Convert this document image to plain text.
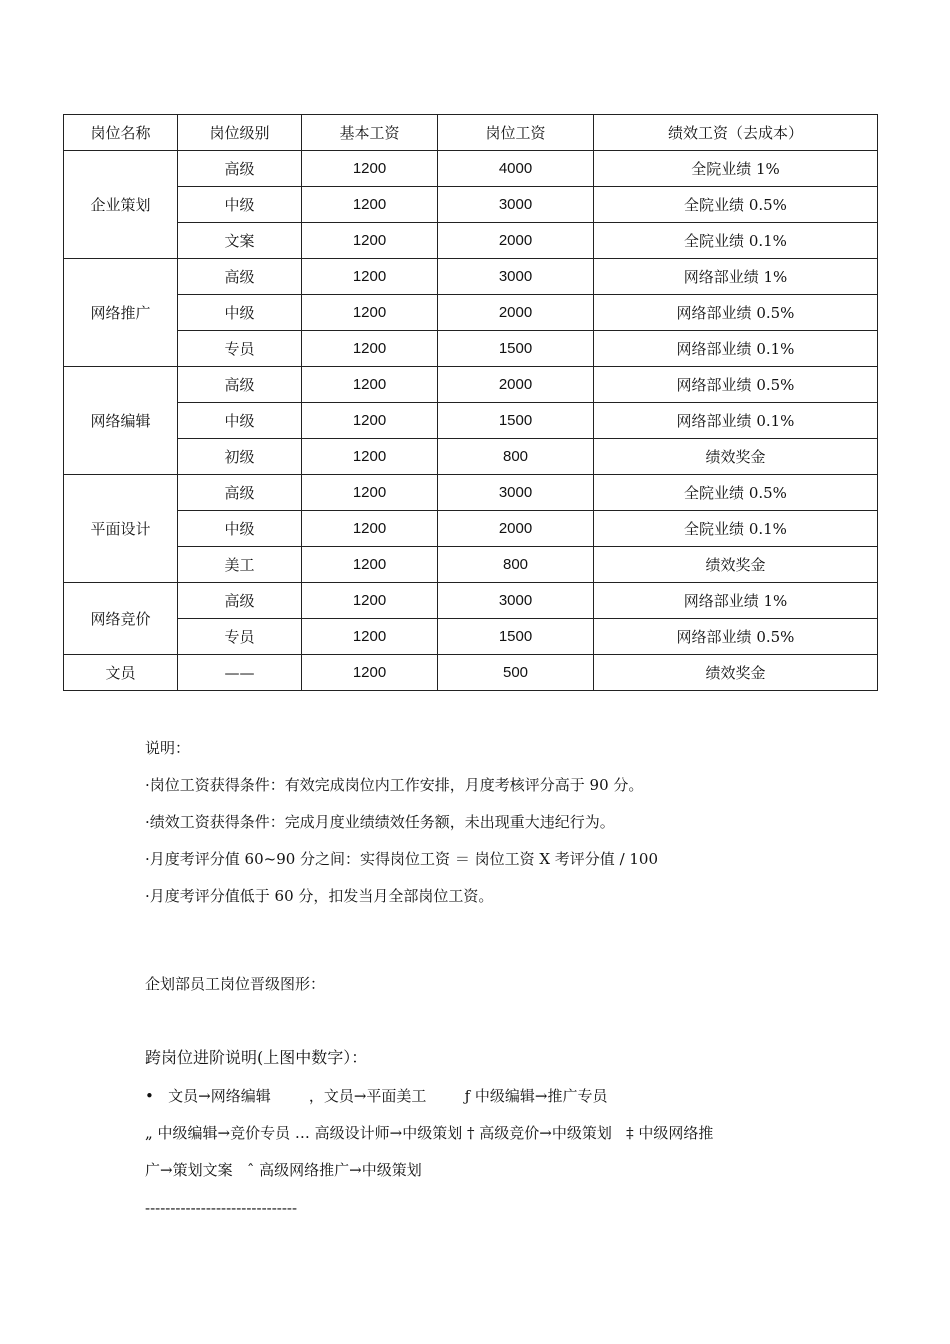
岗位名称	岗位级别	基本工资	岗位工资	绩效工资（去成本）
企业策划	高级	1200	4000	全院业绩 1%
	中级	1200	3000	全院业绩 0.5%
	文案	1200	2000	全院业绩 0.1%
网络推广	高级	1200	3000	网络部业绩 1%
	中级	1200	2000	网络部业绩 0.5%
	专员	1200	1500	网络部业绩 0.1%
网络编辑	高级	1200	2000	网络部业绩 0.5%
	中级	1200	1500	网络部业绩 0.1%
	初级	1200	800	绩效奖金
平面设计	高级	1200	3000	全院业绩 0.5%
	中级	1200	2000	全院业绩 0.1%
	美工	1200	800	绩效奖金
网络竞价	高级	1200	3000	网络部业绩 1%
	专员	1200	1500	网络部业绩 0.5%
文员	——	1200	500	绩效奖金
说明：
·岗位工资获得条件：有效完成岗位内工作安排，月度考核评分高于 90 分。
·绩效工资获得条件：完成月度业绩绩效任务额，未出现重大违纪行为。
·月度考评分值 60~90 分之间：实得岗位工资 ＝ 岗位工资 X 考评分值 / 100
·月度考评分值低于 60 分，扣发当月全部岗位工资。
企划部员工岗位晋级图形：
跨岗位进阶说明(上图中数字）：
•   文员→网络编辑        ，文员→平面美工        ƒ 中级编辑→推广专员
„ 中级编辑→竞价专员 … 高级设计师→中级策划 † 高级竞价→中级策划   ‡ 中级网络推
广→策划文案   ˆ 高级网络推广→中级策划
------------------------------
